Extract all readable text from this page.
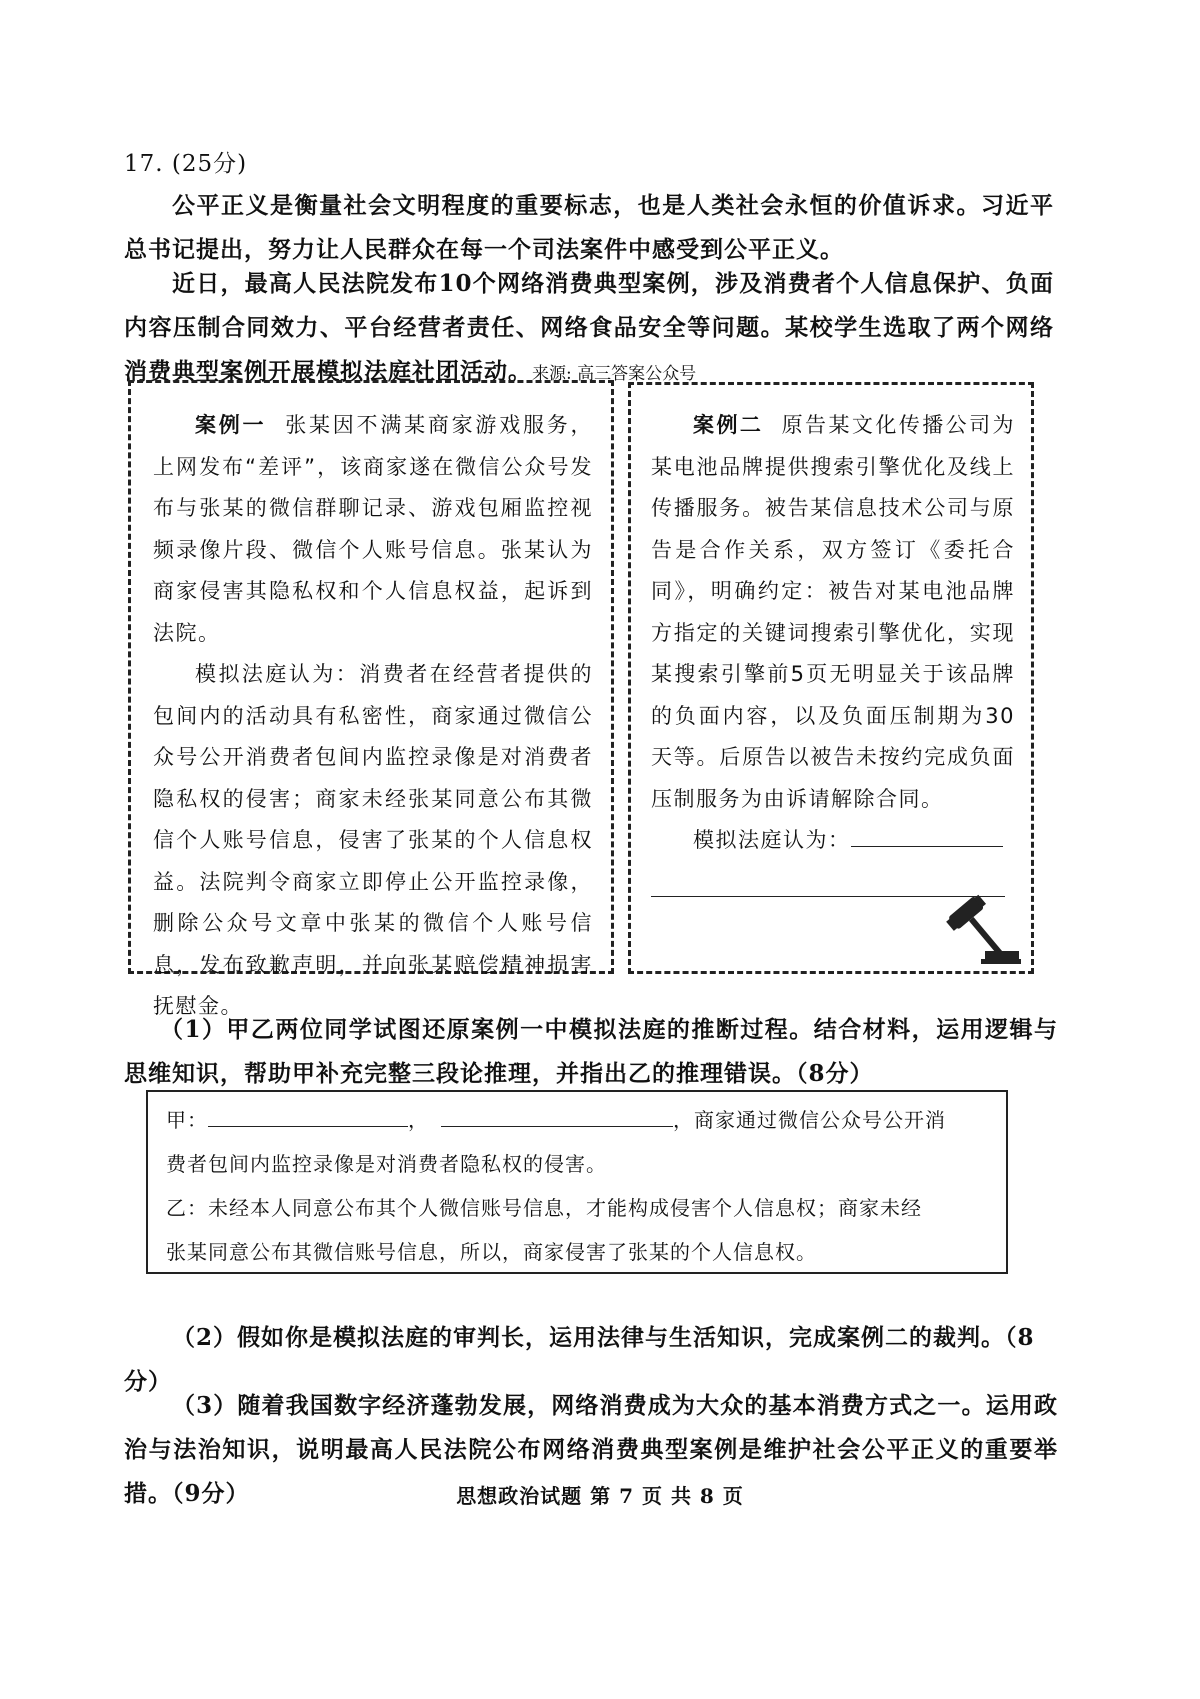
17. (25分)
公平正义是衡量社会文明程度的重要标志，也是人类社会永恒的价值诉求。习近平总书记提出，努力让人民群众在每一个司法案件中感受到公平正义。
近日，最高人民法院发布10个网络消费典型案例，涉及消费者个人信息保护、负面内容压制合同效力、平台经营者责任、网络食品安全等问题。某校学生选取了两个网络消费典型案例开展模拟法庭社团活动。来源: 高三答案公众号

案例一 张某因不满某商家游戏服务，上网发布“差评”，该商家遂在微信公众号发布与张某的微信群聊记录、游戏包厢监控视频录像片段、微信个人账号信息。张某认为商家侵害其隐私权和个人信息权益，起诉到法院。

模拟法庭认为：消费者在经营者提供的包间内的活动具有私密性，商家通过微信公众号公开消费者包间内监控录像是对消费者隐私权的侵害；商家未经张某同意公布其微信个人账号信息，侵害了张某的个人信息权益。法院判令商家立即停止公开监控录像，删除公众号文章中张某的微信个人账号信息，发布致歉声明，并向张某赔偿精神损害抚慰金。

案例二 原告某文化传播公司为某电池品牌提供搜索引擎优化及线上传播服务。被告某信息技术公司与原告是合作关系，双方签订《委托合同》，明确约定：被告对某电池品牌方指定的关键词搜索引擎优化，实现某搜索引擎前5页无明显关于该品牌的负面内容，以及负面压制期为30天等。后原告以被告未按约完成负面压制服务为由诉请解除合同。

模拟法庭认为：

（1）甲乙两位同学试图还原案例一中模拟法庭的推断过程。结合材料，运用逻辑与思维知识，帮助甲补充完整三段论推理，并指出乙的推理错误。（8分）

甲：	，	，商家通过微信公众号公开消

费者包间内监控录像是对消费者隐私权的侵害。

乙：未经本人同意公布其个人微信账号信息，才能构成侵害个人信息权；商家未经

张某同意公布其微信账号信息，所以，商家侵害了张某的个人信息权。

（2）假如你是模拟法庭的审判长，运用法律与生活知识，完成案例二的裁判。（8分）
（3）随着我国数字经济蓬勃发展，网络消费成为大众的基本消费方式之一。运用政治与法治知识，说明最高人民法院公布网络消费典型案例是维护社会公平正义的重要举措。（9分）	思想政治试题 第 7 页 共 8 页
